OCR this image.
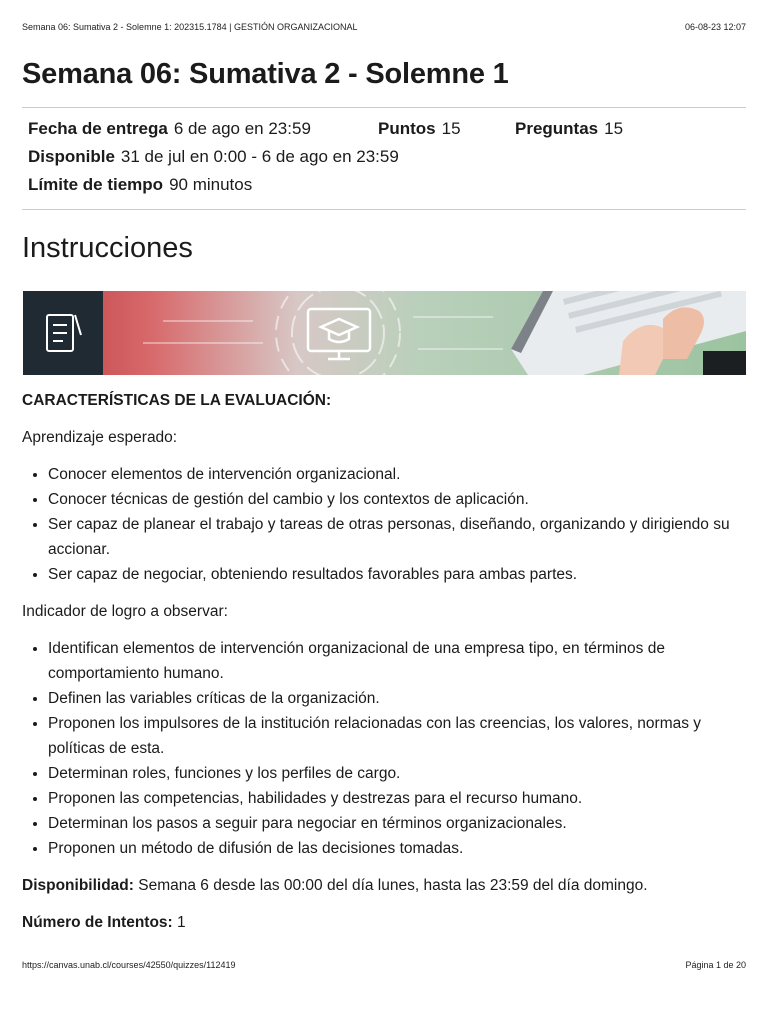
Semana 06: Sumativa 2 - Solemne 1: 202315.1784 | GESTIÓN ORGANIZACIONAL	06-08-23 12:07
Semana 06: Sumativa 2 - Solemne 1
Fecha de entrega 6 de ago en 23:59	Puntos 15	Preguntas 15
Disponible 31 de jul en 0:00 - 6 de ago en 23:59
Límite de tiempo 90 minutos
Instrucciones

CARACTERÍSTICAS DE LA EVALUACIÓN:

Aprendizaje esperado:

• Conocer elementos de intervención organizacional.
• Conocer técnicas de gestión del cambio y los contextos de aplicación.
• Ser capaz de planear el trabajo y tareas de otras personas, diseñando, organizando y dirigiendo su accionar.
• Ser capaz de negociar, obteniendo resultados favorables para ambas partes.

Indicador de logro a observar:

• Identifican elementos de intervención organizacional de una empresa tipo, en términos de comportamiento humano.
• Definen las variables críticas de la organización.
• Proponen los impulsores de la institución relacionadas con las creencias, los valores, normas y políticas de esta.
• Determinan roles, funciones y los perfiles de cargo.
• Proponen las competencias, habilidades y destrezas para el recurso humano.
• Determinan los pasos a seguir para negociar en términos organizacionales.
• Proponen un método de difusión de las decisiones tomadas.

Disponibilidad: Semana 6 desde las 00:00 del día lunes, hasta las 23:59 del día domingo.

Número de Intentos: 1

https://canvas.unab.cl/courses/42550/quizzes/112419	Página 1 de 20
